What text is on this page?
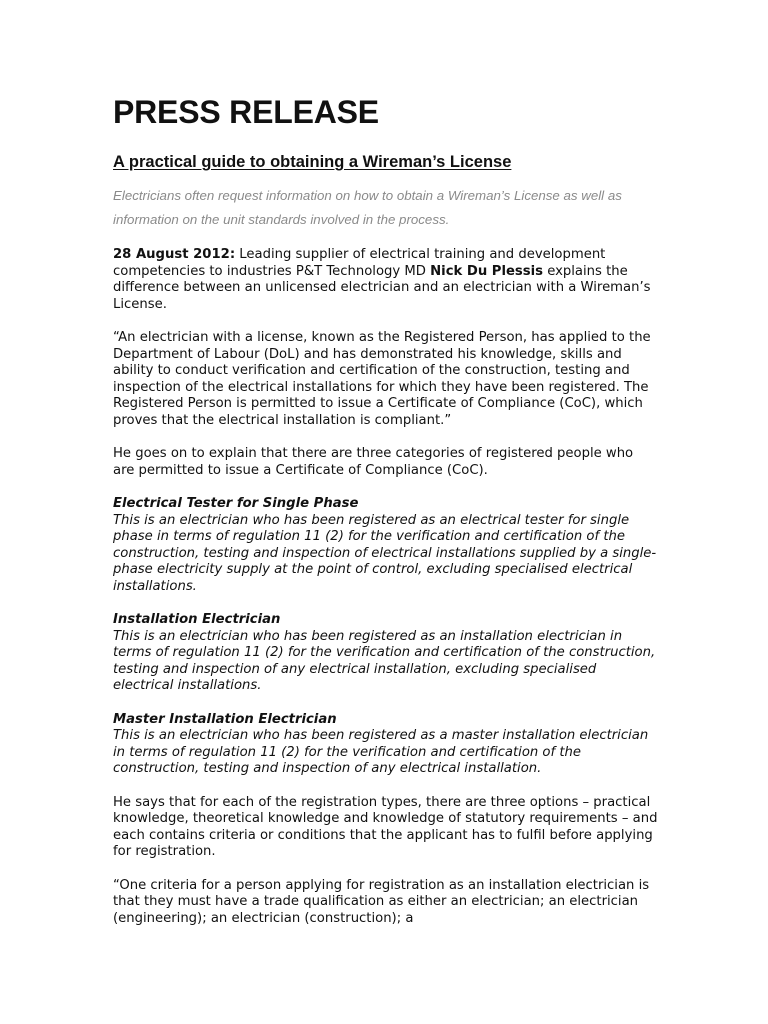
PRESS RELEASE
A practical guide to obtaining a Wireman’s License

Electricians often request information on how to obtain a Wireman’s License as well as information on the unit standards involved in the process.

28 August 2012: Leading supplier of electrical training and development competencies to industries P&T Technology MD Nick Du Plessis explains the difference between an unlicensed electrician and an electrician with a Wireman’s License.

“An electrician with a license, known as the Registered Person, has applied to the Department of Labour (DoL) and has demonstrated his knowledge, skills and ability to conduct verification and certification of the construction, testing and inspection of the electrical installations for which they have been registered. The Registered Person is permitted to issue a Certificate of Compliance (CoC), which proves that the electrical installation is compliant.”

He goes on to explain that there are three categories of registered people who are permitted to issue a Certificate of Compliance (CoC).

Electrical Tester for Single Phase

This is an electrician who has been registered as an electrical tester for single phase in terms of regulation 11 (2) for the verification and certification of the construction, testing and inspection of electrical installations supplied by a single-phase electricity supply at the point of control, excluding specialised electrical installations.

Installation Electrician

This is an electrician who has been registered as an installation electrician in terms of regulation 11 (2) for the verification and certification of the construction, testing and inspection of any electrical installation, excluding specialised electrical installations.

Master Installation Electrician

This is an electrician who has been registered as a master installation electrician in terms of regulation 11 (2) for the verification and certification of the construction, testing and inspection of any electrical installation.

He says that for each of the registration types, there are three options – practical knowledge, theoretical knowledge and knowledge of statutory requirements – and each contains criteria or conditions that the applicant has to fulfil before applying for registration.

“One criteria for a person applying for registration as an installation electrician is that they must have a trade qualification as either an electrician; an electrician (engineering); an electrician (construction); a
